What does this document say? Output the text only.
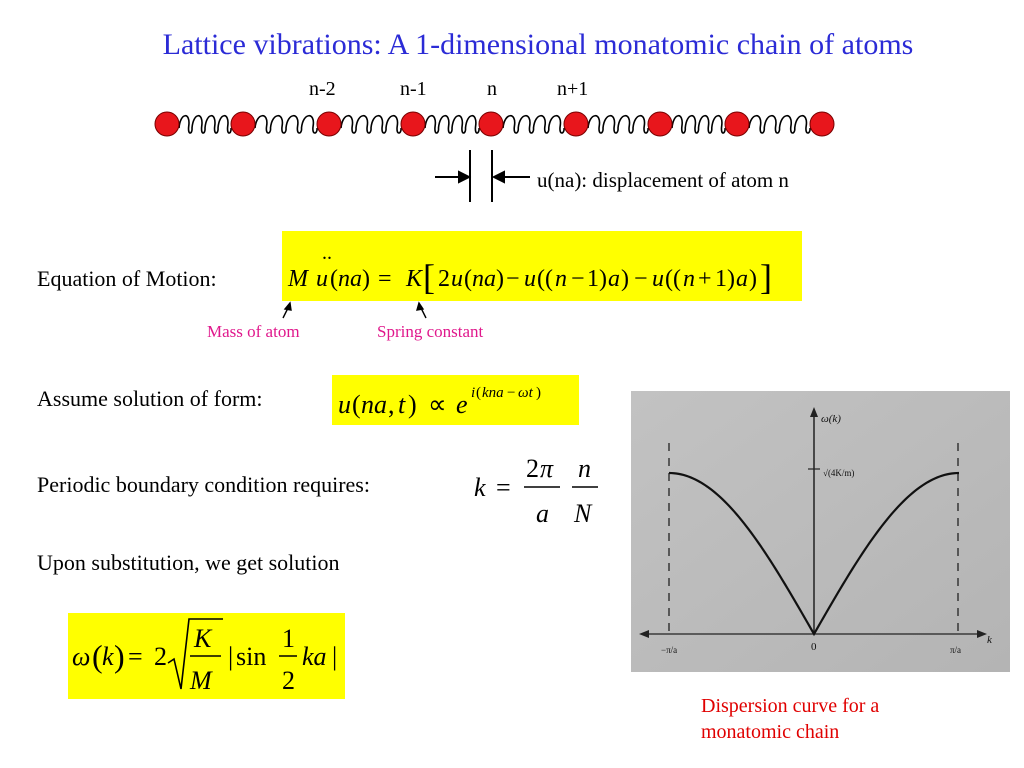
Lattice vibrations: A 1-dimensional monatomic chain of atoms
n-2	n-1	n	n+1
u(na): displacement of atom n
Equation of Motion:	M
..
u ( na ) = K [ 2 u ( na ) − u (( n − 1) a ) − u (( n + 1) a ) ]
Mass of atom	Spring constant
Assume solution of form:	u ( na , t ) ∝ e i ( kna − ωt )
Periodic boundary condition requires:	k =
2 π
a
n
N
Upon substitution, we get solution
ω ( k ) = 2
K
M
| sin
1
2
ka |
ω(k)
√(4K/m)
k
−π/a	0	π/a
Dispersion curve for a
monatomic chain
